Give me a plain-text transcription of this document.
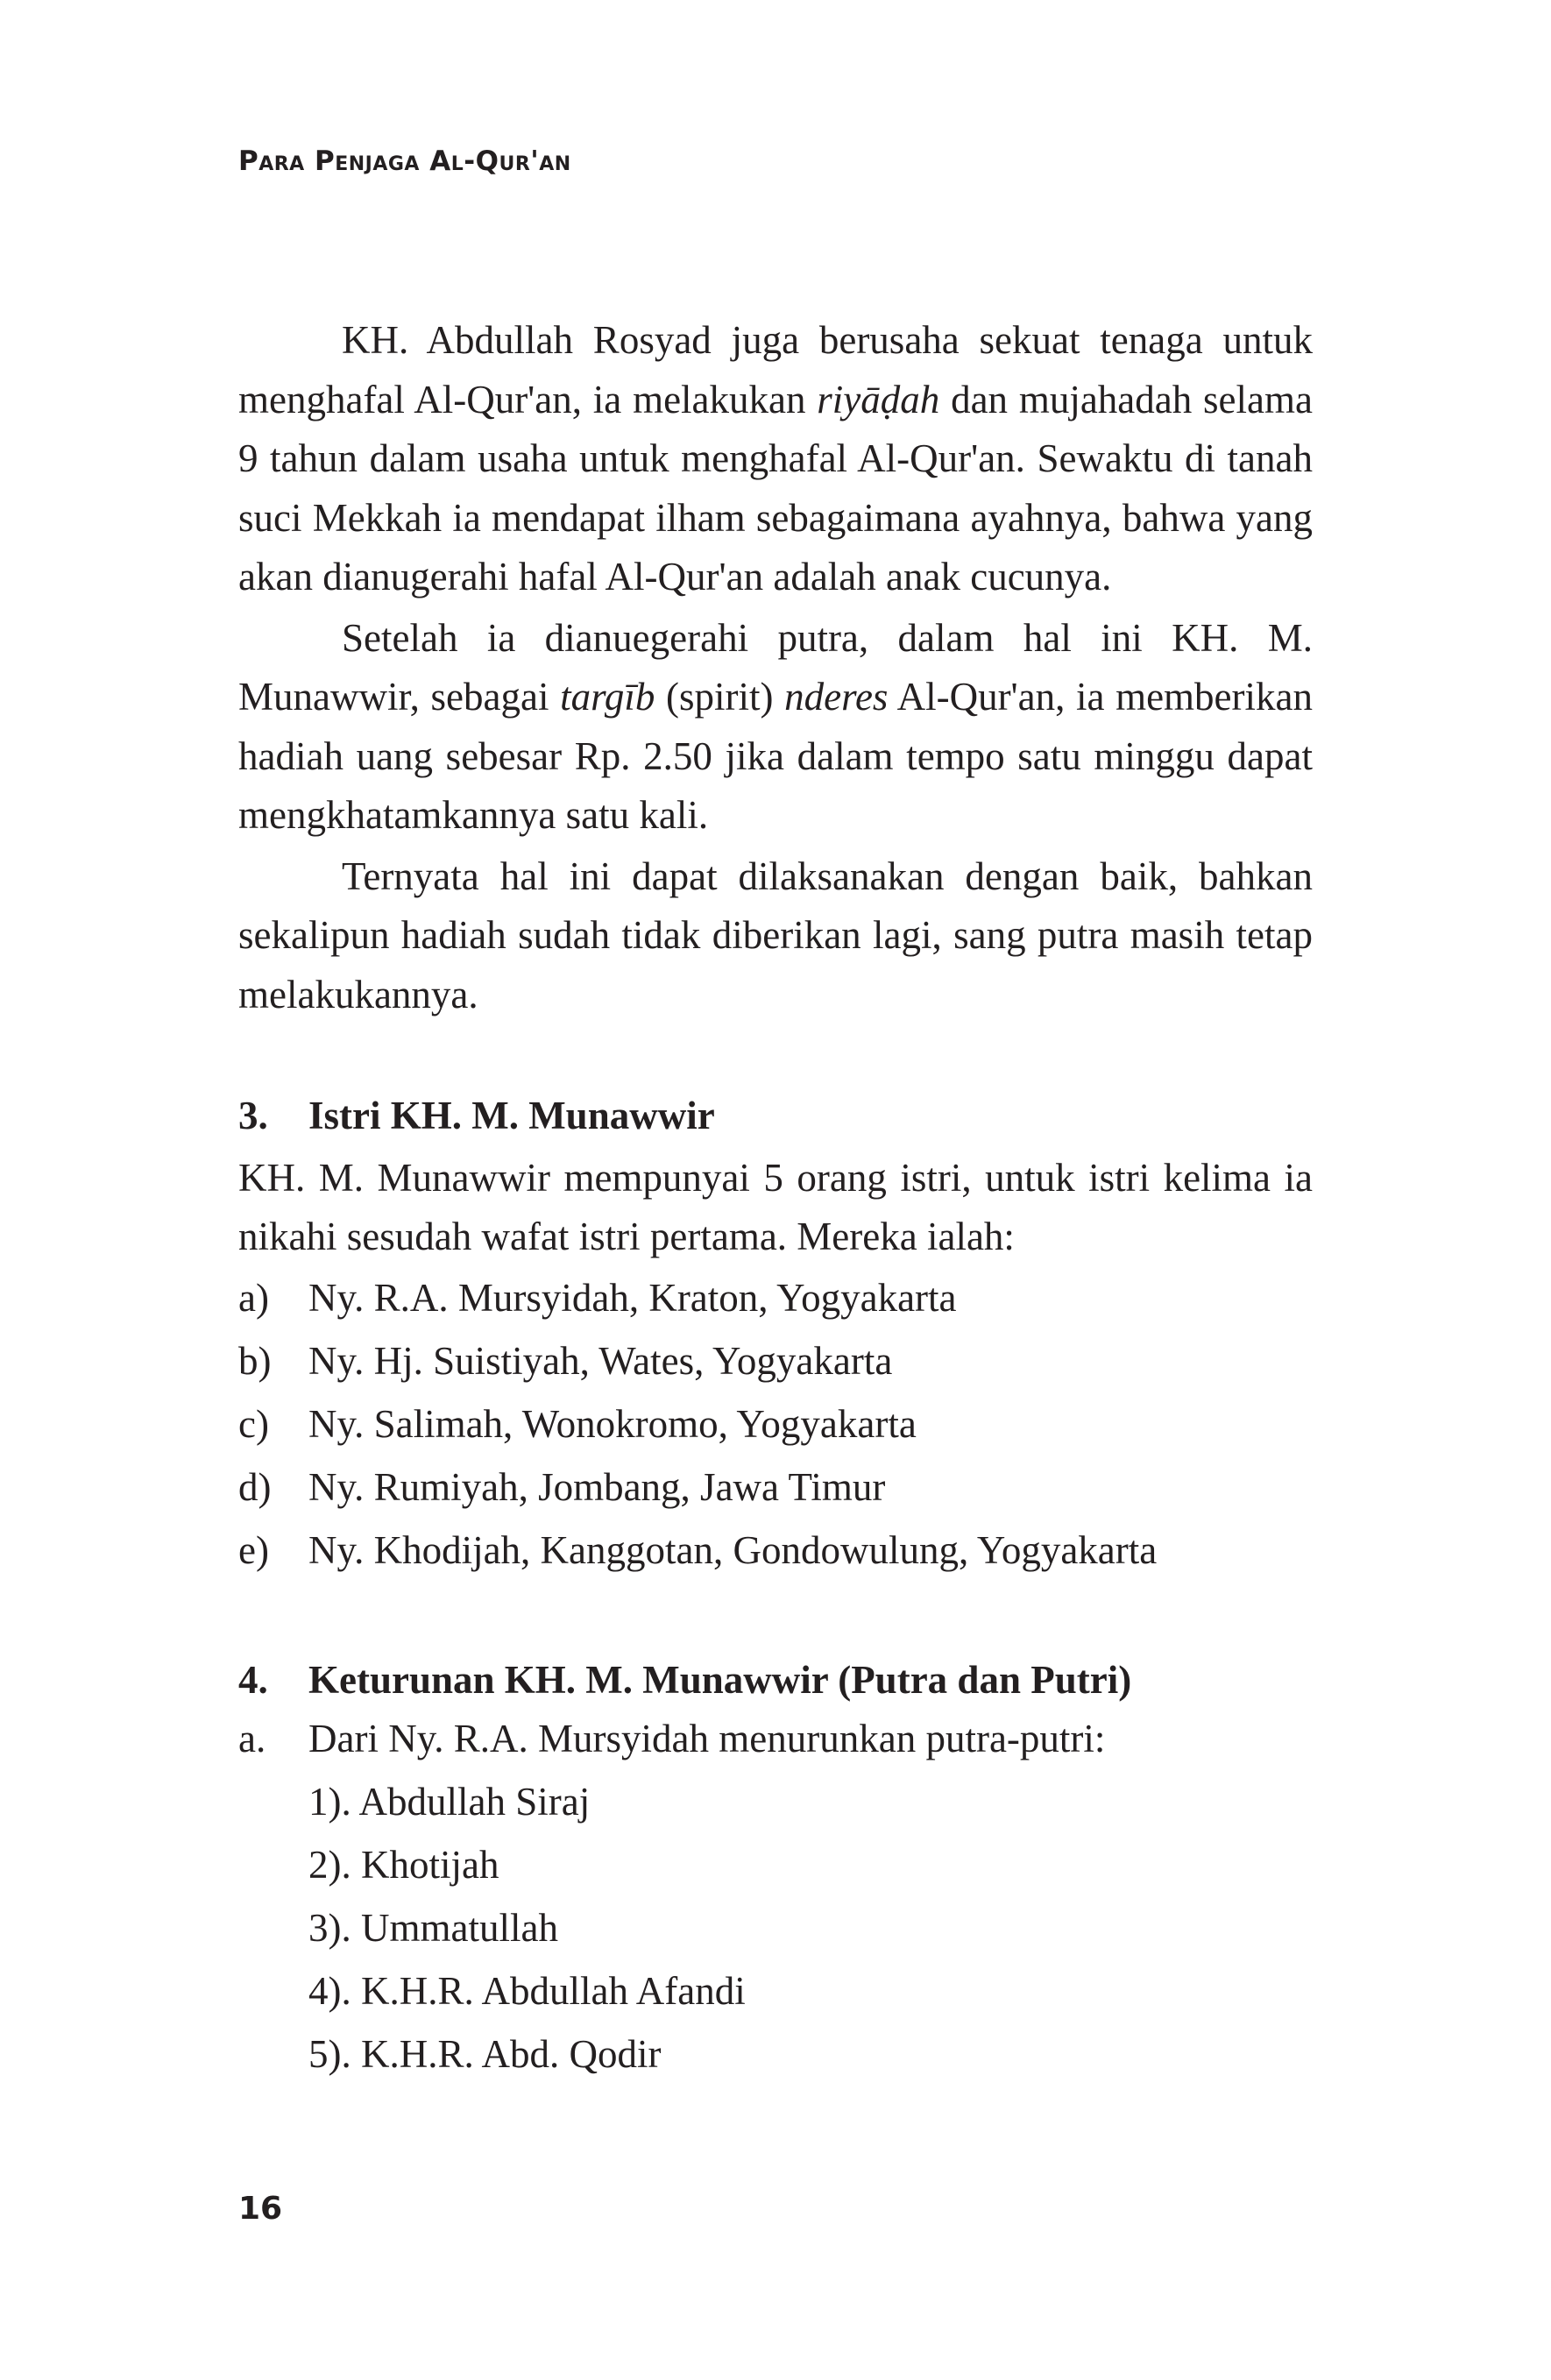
Para Penjaga Al-Qur'an

KH. Abdullah Rosyad juga berusaha sekuat tenaga untuk menghafal Al-Qur'an, ia melakukan riyāḍah dan mujahadah selama 9 tahun dalam usaha untuk menghafal Al-Qur'an. Sewaktu di tanah suci Mekkah ia mendapat ilham sebagaimana ayahnya, bahwa yang akan dianugerahi hafal Al-Qur'an adalah anak cucunya.

Setelah ia dianuegerahi putra, dalam hal ini KH. M. Munawwir, sebagai targīb (spirit) nderes Al-Qur'an, ia memberikan hadiah uang sebesar Rp. 2.50 jika dalam tempo satu minggu dapat mengkhatamkannya satu kali.

Ternyata hal ini dapat dilaksanakan dengan baik, bahkan sekalipun hadiah sudah tidak diberikan lagi, sang putra masih tetap melakukannya.

3.	Istri KH. M. Munawwir

KH. M. Munawwir mempunyai 5 orang istri, untuk istri kelima ia nikahi sesudah wafat istri pertama. Mereka ialah:

a)	Ny. R.A. Mursyidah, Kraton, Yogyakarta
b) Ny. Hj. Suistiyah, Wates, Yogyakarta
c)	Ny. Salimah, Wonokromo, Yogyakarta
d) Ny. Rumiyah, Jombang, Jawa Timur
e)	Ny. Khodijah, Kanggotan, Gondowulung, Yogyakarta
4.	Keturunan KH. M. Munawwir (Putra dan Putri)
a.	Dari Ny. R.A. Mursyidah menurunkan putra-putri:
1). Abdullah Siraj
2). Khotijah
3). Ummatullah
4). K.H.R. Abdullah Afandi
5). K.H.R. Abd. Qodir
16
